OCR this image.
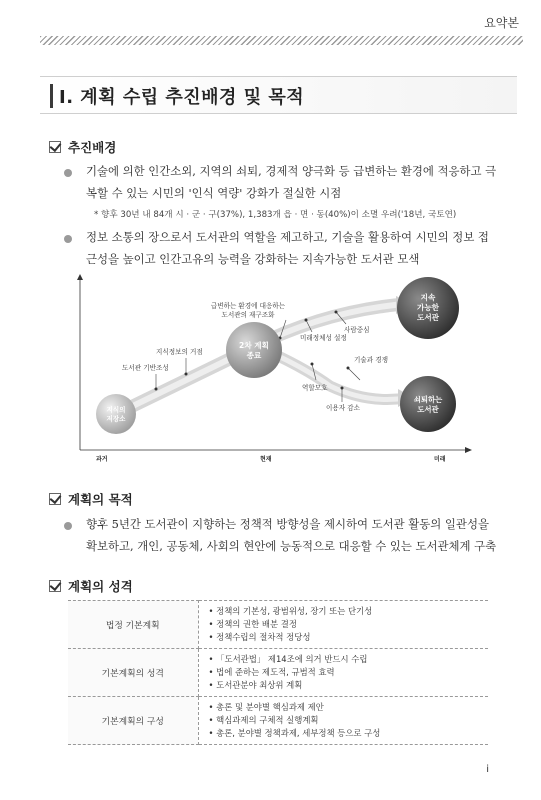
요약본
Ⅰ. 계획 수립 추진배경 및 목적
추진배경
기술에 의한 인간소외, 지역의 쇠퇴, 경제적 양극화 등 급변하는 환경에 적응하고 극
복할 수 있는 시민의 '인식 역량' 강화가 절실한 시점
* 향후 30년 내 84개 시 · 군 · 구(37%), 1,383개 읍 · 면 · 동(40%)이 소멸 우려('18년, 국토연)
정보 소통의 장으로서 도서관의 역할을 제고하고, 기술을 활용하여 시민의 정보 접
근성을 높이고 인간고유의 능력을 강화하는 지속가능한 도서관 모색
지식의
저장소
2차 계획
종료
지속
가능한
도서관
쇠퇴하는
도서관
급변하는 환경에 대응하는
도서관의 재구조화
사람중심
미래정체성 설정
지식정보의 거점
도서관 기반조성
기술과 경쟁
역할모호
이용자 감소
과거	현재	미래
계획의 목적
향후 5년간 도서관이 지향하는 정책적 방향성을 제시하여 도서관 활동의 일관성을
확보하고, 개인, 공동체, 사회의 현안에 능동적으로 대응할 수 있는 도서관체계 구축
계획의 성격
법정 기본계획	• 정책의 기본성, 광범위성, 장기 또는 단기성
• 정책의 권한 배분 결정
• 정책수립의 절차적 정당성

기본계획의 성격	• 「도서관법」 제14조에 의거 반드시 수립
• 법에 준하는 제도적, 규범적 효력
• 도서관분야 최상위 계획

기본계획의 구성	• 총론 및 분야별 핵심과제 제안
• 핵심과제의 구체적 실행계획
• 총론, 분야별 정책과제, 세부정책 등으로 구성
i
